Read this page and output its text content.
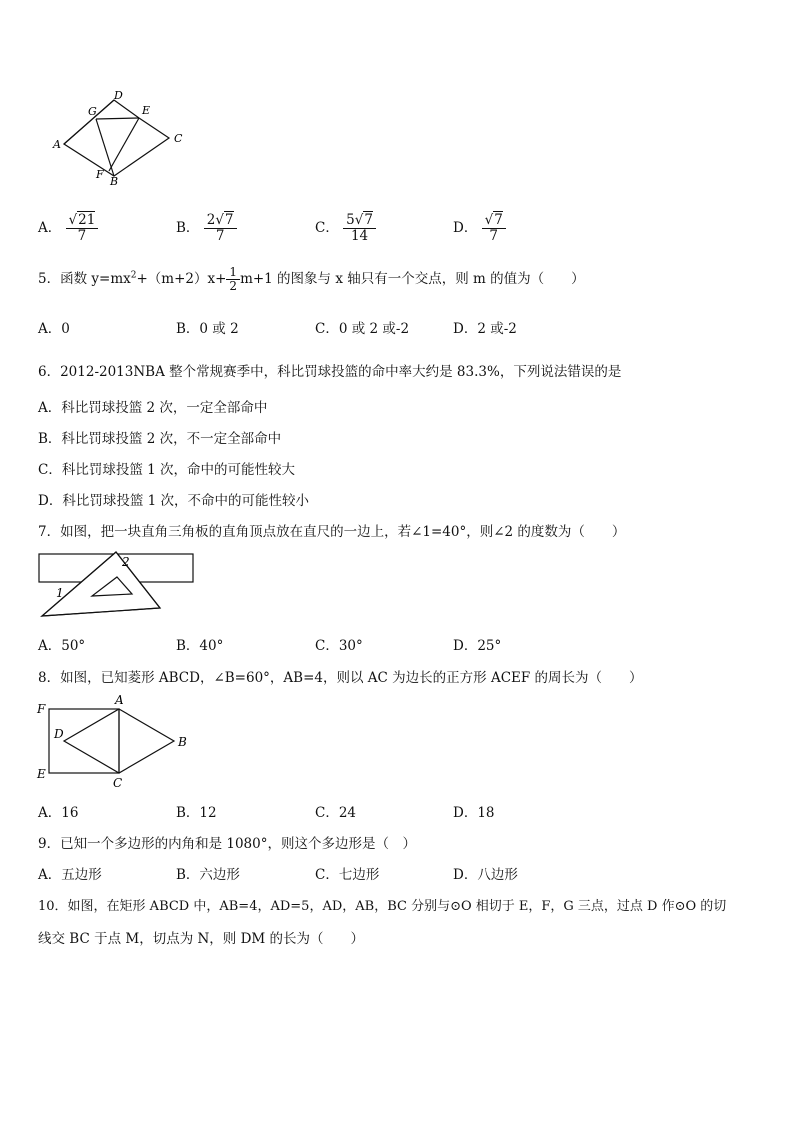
A
D
G	E
C
F
B
A． $\frac{√21}{7}$	B． $\frac{2√7}{7}$	C． $\frac{5√7}{14}$	D． $\frac{√7}{7}$
5．函数 $y=mx^2+(m+2)x+ \frac{1}{2} m+1$ 的图象与 x 轴只有一个交点，则 m 的值为（　　）
A．0	B．0 或 2	C．0 或 2 或-2	D．2 或-2
6．2012-2013NBA 整个常规赛季中，科比罚球投篮的命中率大约是 83.3%，下列说法错误的是
A．科比罚球投篮 2 次，一定全部命中
B．科比罚球投篮 2 次，不一定全部命中
C．科比罚球投篮 1 次，命中的可能性较大
D．科比罚球投篮 1 次，不命中的可能性较小
7．如图，把一块直角三角板的直角顶点放在直尺的一边上，若∠1=40°，则∠2 的度数为（　　）
2
1
A．50°	B．40°	C．30°	D．25°
8．如图，已知菱形 ABCD，∠B=60°，AB=4，则以 AC 为边长的正方形 ACEF 的周长为（　　）
F
A
D
B
E
C
A．16	B．12	C．24	D．18
9．已知一个多边形的内角和是 1080°，则这个多边形是（　）
A．五边形	B．六边形	C．七边形	D．八边形
10．如图，在矩形 ABCD 中，AB=4，AD=5，AD，AB，BC 分别与⊙O 相切于 E，F，G 三点，过点 D 作⊙O 的切
线交 BC 于点 M，切点为 N，则 DM 的长为（　　）
